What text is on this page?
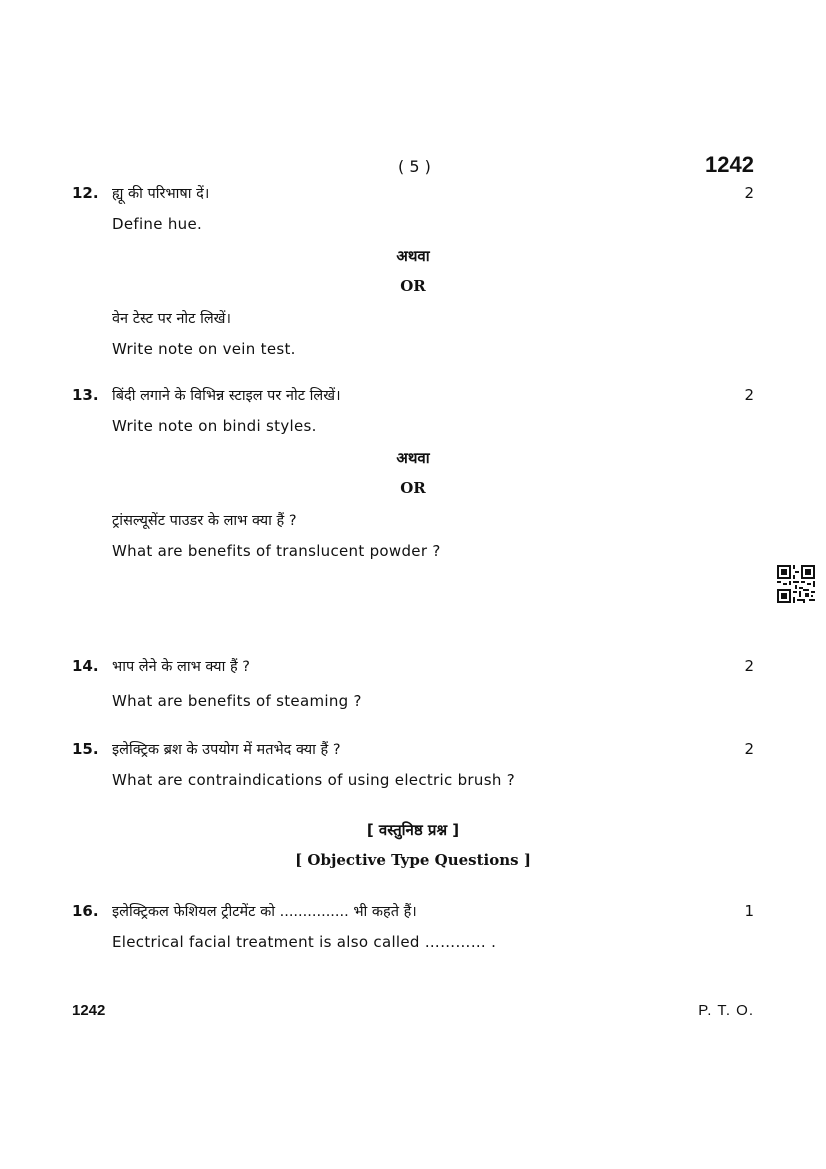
( 5 )	1242
12. ह्यू की परिभाषा दें।	2
Define hue.
अथवा
OR
वेन टेस्ट पर नोट लिखें।
Write note on vein test.
13. बिंदी लगाने के विभिन्न स्टाइल पर नोट लिखें।	2
Write note on bindi styles.
अथवा
OR
ट्रांसल्यूसेंट पाउडर के लाभ क्या हैं ?
What are benefits of translucent powder ?
14. भाप लेने के लाभ क्या हैं ?	2
What are benefits of steaming ?
15. इलेक्ट्रिक ब्रश के उपयोग में मतभेद क्या हैं ?	2
What are contraindications of using electric brush ?
[ वस्तुनिष्ठ प्रश्न ]
[ Objective Type Questions ]
16. इलेक्ट्रिकल फेशियल ट्रीटमेंट को ............... भी कहते हैं।	1
Electrical facial treatment is also called ………… .
1242	P. T. O.
